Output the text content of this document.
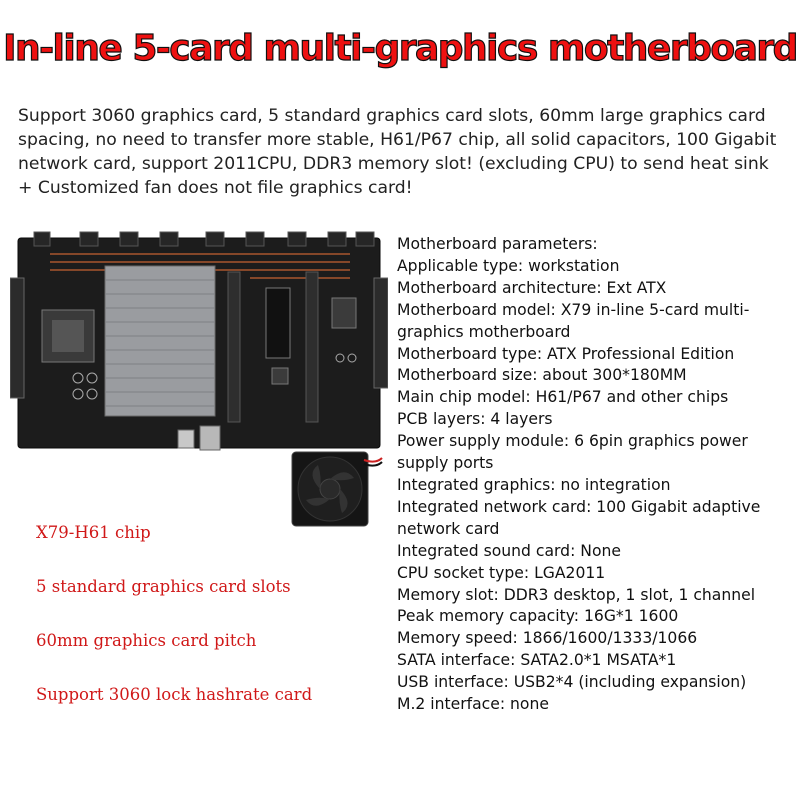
In-line 5-card multi-graphics motherboard
Support 3060 graphics card, 5 standard graphics card slots, 60mm large graphics card spacing, no need to transfer more stable, H61/P67 chip, all solid capacitors, 100 Gigabit network card, support 2011CPU, DDR3 memory slot! (excluding CPU) to send heat sink + Customized fan does not file graphics card!
Motherboard parameters:
Applicable type: workstation
Motherboard architecture: Ext ATX
Motherboard model: X79 in-line 5-card multi-graphics motherboard
Motherboard type: ATX Professional Edition
Motherboard size: about 300*180MM
Main chip model: H61/P67 and other chips
PCB layers: 4 layers
Power supply module: 6 6pin graphics power supply ports
Integrated graphics: no integration
Integrated network card: 100 Gigabit adaptive network card
Integrated sound card: None
CPU socket type: LGA2011
Memory slot: DDR3 desktop, 1 slot, 1 channel
Peak memory capacity: 16G*1 1600
Memory speed: 1866/1600/1333/1066
SATA interface: SATA2.0*1 MSATA*1
USB interface: USB2*4 (including expansion)
M.2 interface: none
X79-H61 chip
5 standard graphics card slots
60mm graphics card pitch
Support 3060 lock hashrate card
